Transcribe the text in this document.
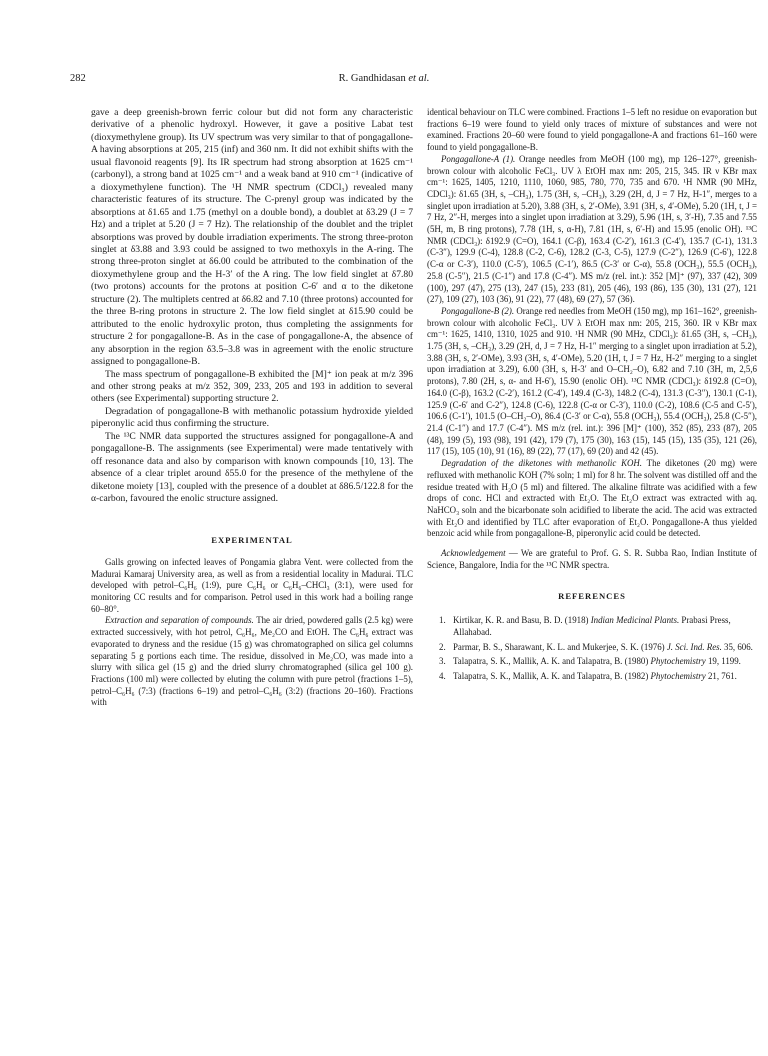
282	R. Gandhidasan et al.

gave a deep greenish-brown ferric colour but did not form any characteristic derivative of a phenolic hydroxyl. However, it gave a positive Labat test (dioxymethylene group). Its UV spectrum was very similar to that of pongagallone-A having absorptions at 205, 215 (inf) and 360 nm. It did not exhibit shifts with the usual flavonoid reagents [9]. Its IR spectrum had strong absorption at 1625 cm⁻¹ (carbonyl), a strong band at 1025 cm⁻¹ and a weak band at 910 cm⁻¹ (indicative of a dioxymethylene function). The ¹H NMR spectrum (CDCl₃) revealed many characteristic features of its structure. The C-prenyl group was indicated by the absorptions at δ1.65 and 1.75 (methyl on a double bond), a doublet at δ3.29 (J = 7 Hz) and a triplet at 5.20 (J = 7 Hz). The relationship of the doublet and the triplet absorptions was proved by double irradiation experiments. The strong three-proton singlet at δ3.88 and 3.93 could be assigned to two methoxyls in the A-ring. The strong three-proton singlet at δ6.00 could be attributed to the combination of the dioxymethylene group and the H-3′ of the A ring. The low field singlet at δ7.80 (two protons) accounts for the protons at position C-6′ and α to the diketone structure (2). The multiplets centred at δ6.82 and 7.10 (three protons) accounted for the three B-ring protons in structure 2. The low field singlet at δ15.90 could be attributed to the enolic hydroxylic proton, thus completing the assignments for structure 2 for pongagallone-B. As in the case of pongagallone-A, the absence of any absorption in the region δ3.5–3.8 was in agreement with the enolic structure assigned to pongagallone-B.

The mass spectrum of pongagallone-B exhibited the [M]⁺ ion peak at m/z 396 and other strong peaks at m/z 352, 309, 233, 205 and 193 in addition to several others (see Experimental) supporting structure 2.

Degradation of pongagallone-B with methanolic potassium hydroxide yielded piperonylic acid thus confirming the structure.

The ¹³C NMR data supported the structures assigned for pongagallone-A and pongagallone-B. The assignments (see Experimental) were made tentatively with off resonance data and also by comparison with known compounds [10, 13]. The absence of a clear triplet around δ55.0 for the presence of the methylene of the diketone moiety [13], coupled with the presence of a doublet at δ86.5/122.8 for the α-carbon, favoured the enolic structure assigned.

EXPERIMENTAL

Galls growing on infected leaves of Pongamia glabra Vent. were collected from the Madurai Kamaraj University area, as well as from a residential locality in Madurai. TLC developed with petrol–C₆H₆ (1:9), pure C₆H₆ or C₆H₆–CHCl₃ (3:1), were used for monitoring CC results and for comparison. Petrol used in this work had a boiling range 60–80°.

Extraction and separation of compounds. The air dried, powdered galls (2.5 kg) were extracted successively, with hot petrol, C₆H₆, Me₂CO and EtOH. The C₆H₆ extract was evaporated to dryness and the residue (15 g) was chromatographed on silica gel columns separating 5 g portions each time. The residue, dissolved in Me₂CO, was made into a slurry with silica gel (15 g) and the dried slurry chromatographed (silica gel 100 g). Fractions (100 ml) were collected by eluting the column with pure petrol (fractions 1–5), petrol–C₆H₆ (7:3) (fractions 6–19) and petrol–C₆H₆ (3:2) (fractions 20–160). Fractions with

identical behaviour on TLC were combined. Fractions 1–5 left no residue on evaporation but fractions 6–19 were found to yield only traces of mixture of substances and were not examined. Fractions 20–60 were found to yield pongagallone-A and fractions 61–160 were found to yield pongagallone-B.

Pongagallone-A (1). Orange needles from MeOH (100 mg), mp 126–127°, greenish-brown colour with alcoholic FeCl₃. UV λ EtOH max nm: 205, 215, 345. IR ν KBr max cm⁻¹: 1625, 1405, 1210, 1110, 1060, 985, 780, 770, 735 and 670. ¹H NMR (90 MHz, CDCl₃): δ1.65 (3H, s, –CH₃), 1.75 (3H, s, –CH₃), 3.29 (2H, d, J = 7 Hz, H-1″, merges to a singlet upon irradiation at 5.20), 3.88 (3H, s, 2′-OMe), 3.91 (3H, s, 4′-OMe), 5.20 (1H, t, J = 7 Hz, 2″-H, merges into a singlet upon irradiation at 3.29), 5.96 (1H, s, 3′-H), 7.35 and 7.55 (5H, m, B ring protons), 7.78 (1H, s, α-H), 7.81 (1H, s, 6′-H) and 15.95 (enolic OH). ¹³C NMR (CDCl₃): δ192.9 (C=O), 164.1 (C-β), 163.4 (C-2′), 161.3 (C-4′), 135.7 (C-1), 131.3 (C-3″), 129.9 (C-4), 128.8 (C-2, C-6), 128.2 (C-3, C-5), 127.9 (C-2″), 126.9 (C-6′), 122.8 (C-α or C-3′), 110.0 (C-5′), 106.5 (C-1′), 86.5 (C-3′ or C-α), 55.8 (OCH₃), 55.5 (OCH₃), 25.8 (C-5″), 21.5 (C-1″) and 17.8 (C-4″). MS m/z (rel. int.): 352 [M]⁺ (97), 337 (42), 309 (100), 297 (47), 275 (13), 247 (15), 233 (81), 205 (46), 193 (86), 135 (30), 131 (27), 121 (27), 109 (27), 103 (36), 91 (22), 77 (48), 69 (27), 57 (36).

Pongagallone-B (2). Orange red needles from MeOH (150 mg), mp 161–162°, greenish-brown colour with alcoholic FeCl₃. UV λ EtOH max nm: 205, 215, 360. IR ν KBr max cm⁻¹: 1625, 1410, 1310, 1025 and 910. ¹H NMR (90 MHz, CDCl₃): δ1.65 (3H, s, –CH₃), 1.75 (3H, s, –CH₃), 3.29 (2H, d, J = 7 Hz, H-1″ merging to a singlet upon irradiation at 5.2), 3.88 (3H, s, 2′-OMe), 3.93 (3H, s, 4′-OMe), 5.20 (1H, t, J = 7 Hz, H-2″ merging to a singlet upon irradiation at 3.29), 6.00 (3H, s, H-3′ and O–CH₂–O), 6.82 and 7.10 (3H, m, 2,5,6 protons), 7.80 (2H, s, α- and H-6′), 15.90 (enolic OH). ¹³C NMR (CDCl₃): δ192.8 (C=O), 164.0 (C-β), 163.2 (C-2′), 161.2 (C-4′), 149.4 (C-3), 148.2 (C-4), 131.3 (C-3″), 130.1 (C-1), 125.9 (C-6′ and C-2″), 124.8 (C-6), 122.8 (C-α or C-3′), 110.0 (C-2), 108.6 (C-5 and C-5′), 106.6 (C-1′), 101.5 (O–CH₂–O), 86.4 (C-3′ or C-α), 55.8 (OCH₃), 55.4 (OCH₃), 25.8 (C-5″), 21.4 (C-1″) and 17.7 (C-4″). MS m/z (rel. int.): 396 [M]⁺ (100), 352 (85), 233 (87), 205 (48), 199 (5), 193 (98), 191 (42), 179 (7), 175 (30), 163 (15), 145 (15), 135 (35), 121 (26), 117 (15), 105 (10), 91 (16), 89 (22), 77 (17), 69 (20) and 42 (45).

Degradation of the diketones with methanolic KOH. The diketones (20 mg) were refluxed with methanolic KOH (7% soln; 1 ml) for 8 hr. The solvent was distilled off and the residue treated with H₂O (5 ml) and filtered. The alkaline filtrate was acidified with a few drops of conc. HCl and extracted with Et₂O. The Et₂O extract was extracted with aq. NaHCO₃ soln and the bicarbonate soln acidified to liberate the acid. The acid was extracted with Et₂O and identified by TLC after evaporation of Et₂O. Pongagallone-A thus yielded benzoic acid while from pongagallone-B, piperonylic acid could be detected.

Acknowledgement — We are grateful to Prof. G. S. R. Subba Rao, Indian Institute of Science, Bangalore, India for the ¹³C NMR spectra.

REFERENCES
1. Kirtikar, K. R. and Basu, B. D. (1918) Indian Medicinal Plants. Prabasi Press, Allahabad.
2. Parmar, B. S., Sharawant, K. L. and Mukerjee, S. K. (1976) J. Sci. Ind. Res. 35, 606.
3. Talapatra, S. K., Mallik, A. K. and Talapatra, B. (1980) Phytochemistry 19, 1199.
4. Talapatra, S. K., Mallik, A. K. and Talapatra, B. (1982) Phytochemistry 21, 761.
